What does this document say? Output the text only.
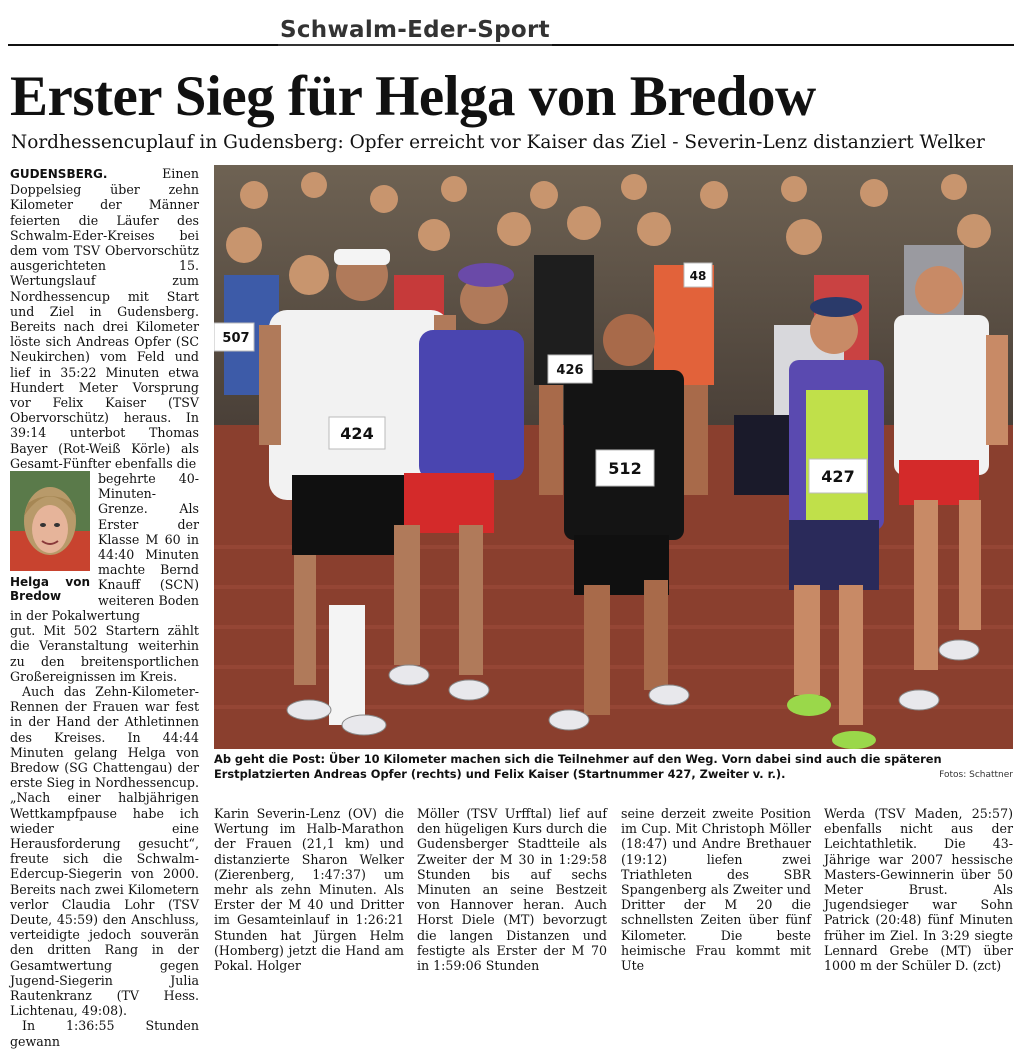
Schwalm-Eder-Sport
Erster Sieg für Helga von Bredow
Nordhessencuplauf in Gudensberg: Opfer erreicht vor Kaiser das Ziel - Severin-Lenz distanziert Welker

GUDENSBERG.	Einen Doppelsieg über zehn Kilometer der Männer feierten die Läufer des Schwalm-Eder-Kreises bei dem vom TSV Obervorschütz ausgerichteten 15. Wertungslauf zum Nordhessencup mit Start und Ziel in Gudensberg. Bereits nach drei Kilometer löste sich Andreas Opfer (SC Neukirchen) vom Feld und lief in 35:22 Minuten etwa Hundert Meter Vorsprung vor Felix Kaiser (TSV Obervorschütz) heraus. In 39:14 unterbot Thomas Bayer (Rot-Weiß Körle) als Gesamt-Fünfter ebenfalls die

Helga von Bredow
begehrte 40-Minuten-Grenze. Als Erster der Klasse M 60 in 44:40 Minuten machte Bernd Knauff (SCN) weiteren Boden in der Pokalwertung

gut. Mit 502 Startern zählt die Veranstaltung weiterhin zu den breitensportlichen Großereignissen im Kreis.

Auch das Zehn-Kilometer-Rennen der Frauen war fest in der Hand der Athletinnen des Kreises. In 44:44 Minuten gelang Helga von Bredow (SG Chattengau) der erste Sieg in Nordhessencup. „Nach einer halbjährigen Wettkampfpause habe ich wieder eine Herausforderung gesucht“, freute sich die Schwalm-Edercup-Siegerin von 2000. Bereits nach zwei Kilometern verlor Claudia Lohr (TSV Deute, 45:59) den Anschluss, verteidigte jedoch souverän den dritten Rang in der Gesamtwertung gegen Jugend-Siegerin Julia Rautenkranz (TV Hess. Lichtenau, 49:08).

In 1:36:55 Stunden gewann

424
512	427
426
507
48
Ab geht die Post: Über 10 Kilometer machen sich die Teilnehmer auf den Weg. Vorn dabei sind auch die späteren Erstplatzierten Andreas Opfer (rechts) und Felix Kaiser (Startnummer 427, Zweiter v. r.).	Fotos: Schattner

Karin Severin-Lenz (OV) die Wertung im Halb-Marathon der Frauen (21,1 km) und distanzierte Sharon Welker (Zierenberg, 1:47:37) um mehr als zehn Minuten. Als Erster der M 40 und Dritter im Gesamteinlauf in 1:26:21 Stunden hat Jürgen Helm (Homberg) jetzt die Hand am Pokal. Holger

Möller (TSV Urfftal) lief auf den hügeligen Kurs durch die Gudensberger Stadtteile als Zweiter der M 30 in 1:29:58 Stunden bis auf sechs Minuten an seine Bestzeit von Hannover heran. Auch Horst Diele (MT) bevorzugt die langen Distanzen und festigte als Erster der M 70 in 1:59:06 Stunden

seine derzeit zweite Position im Cup. Mit Christoph Möller (18:47) und Andre Brethauer (19:12) liefen zwei Triathleten des SBR Spangenberg als Zweiter und Dritter der M 20 die schnellsten Zeiten über fünf Kilometer. Die beste heimische Frau kommt mit Ute

Werda (TSV Maden, 25:57) ebenfalls nicht aus der Leichtathletik. Die 43-Jährige war 2007 hessische Masters-Gewinnerin über 50 Meter Brust. Als Jugendsieger war Sohn Patrick (20:48) fünf Minuten früher im Ziel. In 3:29 siegte Lennard Grebe (MT) über 1000 m der Schüler D. (zct)
